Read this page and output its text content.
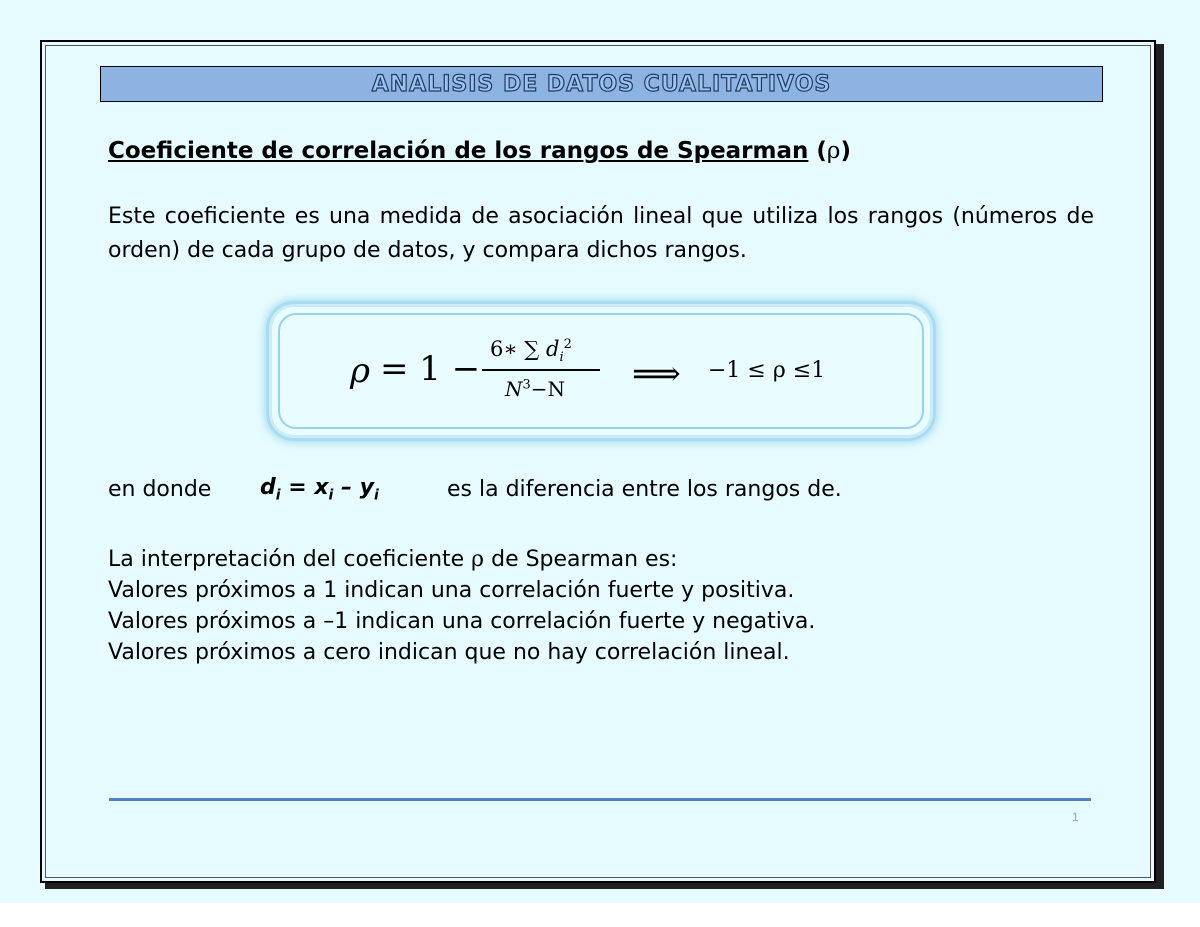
ANALISIS DE DATOS CUALITATIVOS
Coeficiente de correlación de los rangos de Spearman (ρ)
Este coeficiente es una medida de asociación lineal que utiliza los rangos (números de orden) de cada grupo de datos, y compara dichos rangos.
ρ = 1 − 6∗ ∑ $d_i^2$
$N^3-N$ ⟹ −1 ≤ ρ ≤1
en donde $d_i = x_i - y_i$	es la diferencia entre los rangos de.
La interpretación del coeficiente ρ de Spearman es:
Valores próximos a 1 indican una correlación fuerte y positiva.
Valores próximos a –1 indican una correlación fuerte y negativa.
Valores próximos a cero indican que no hay correlación lineal.
1
